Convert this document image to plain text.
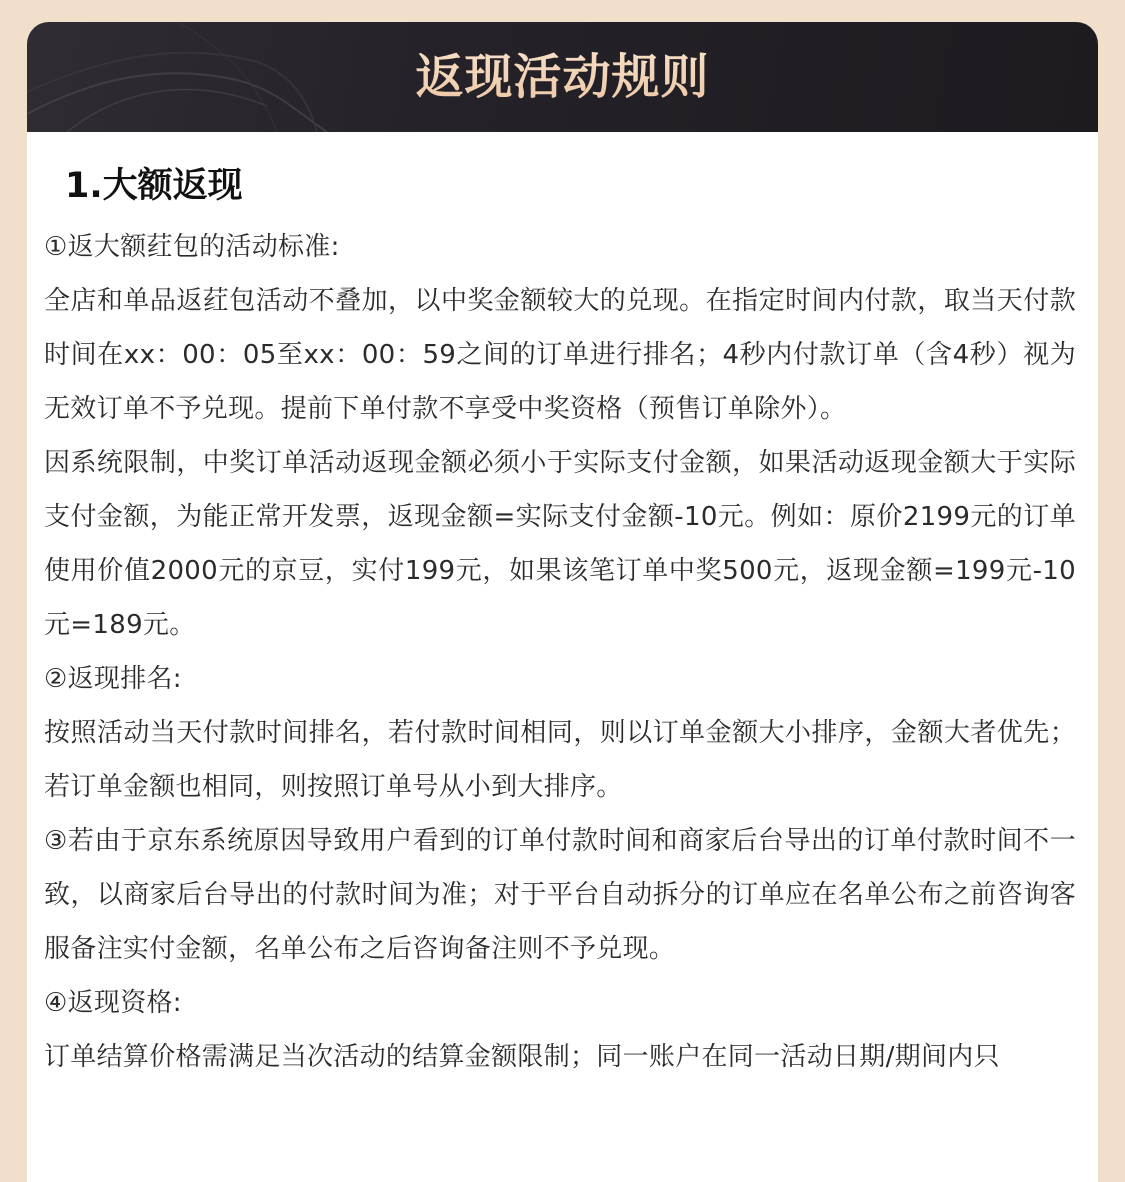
返现活动规则
1.大额返现

①返大额荭包的活动标准:

全店和单品返荭包活动不叠加，以中奖金额较大的兑现。在指定时间内付款，取当天付款时间在xx：00：05至xx：00：59之间的订单进行排名；4秒内付款订单（含4秒）视为无效订单不予兑现。提前下单付款不享受中奖资格（预售订单除外）。

因系统限制，中奖订单活动返现金额必须小于实际支付金额，如果活动返现金额大于实际支付金额，为能正常开发票，返现金额=实际支付金额-10元。例如：原价2199元的订单使用价值2000元的京豆，实付199元，如果该笔订单中奖500元，返现金额=199元-10元=189元。

②返现排名:

按照活动当天付款时间排名，若付款时间相同，则以订单金额大小排序，金额大者优先；若订单金额也相同，则按照订单号从小到大排序。

③若由于京东系统原因导致用户看到的订单付款时间和商家后台导出的订单付款时间不一致，以商家后台导出的付款时间为准；对于平台自动拆分的订单应在名单公布之前咨询客服备注实付金额，名单公布之后咨询备注则不予兑现。

④返现资格:

订单结算价格需满足当次活动的结算金额限制；同一账户在同一活动日期/期间内只
